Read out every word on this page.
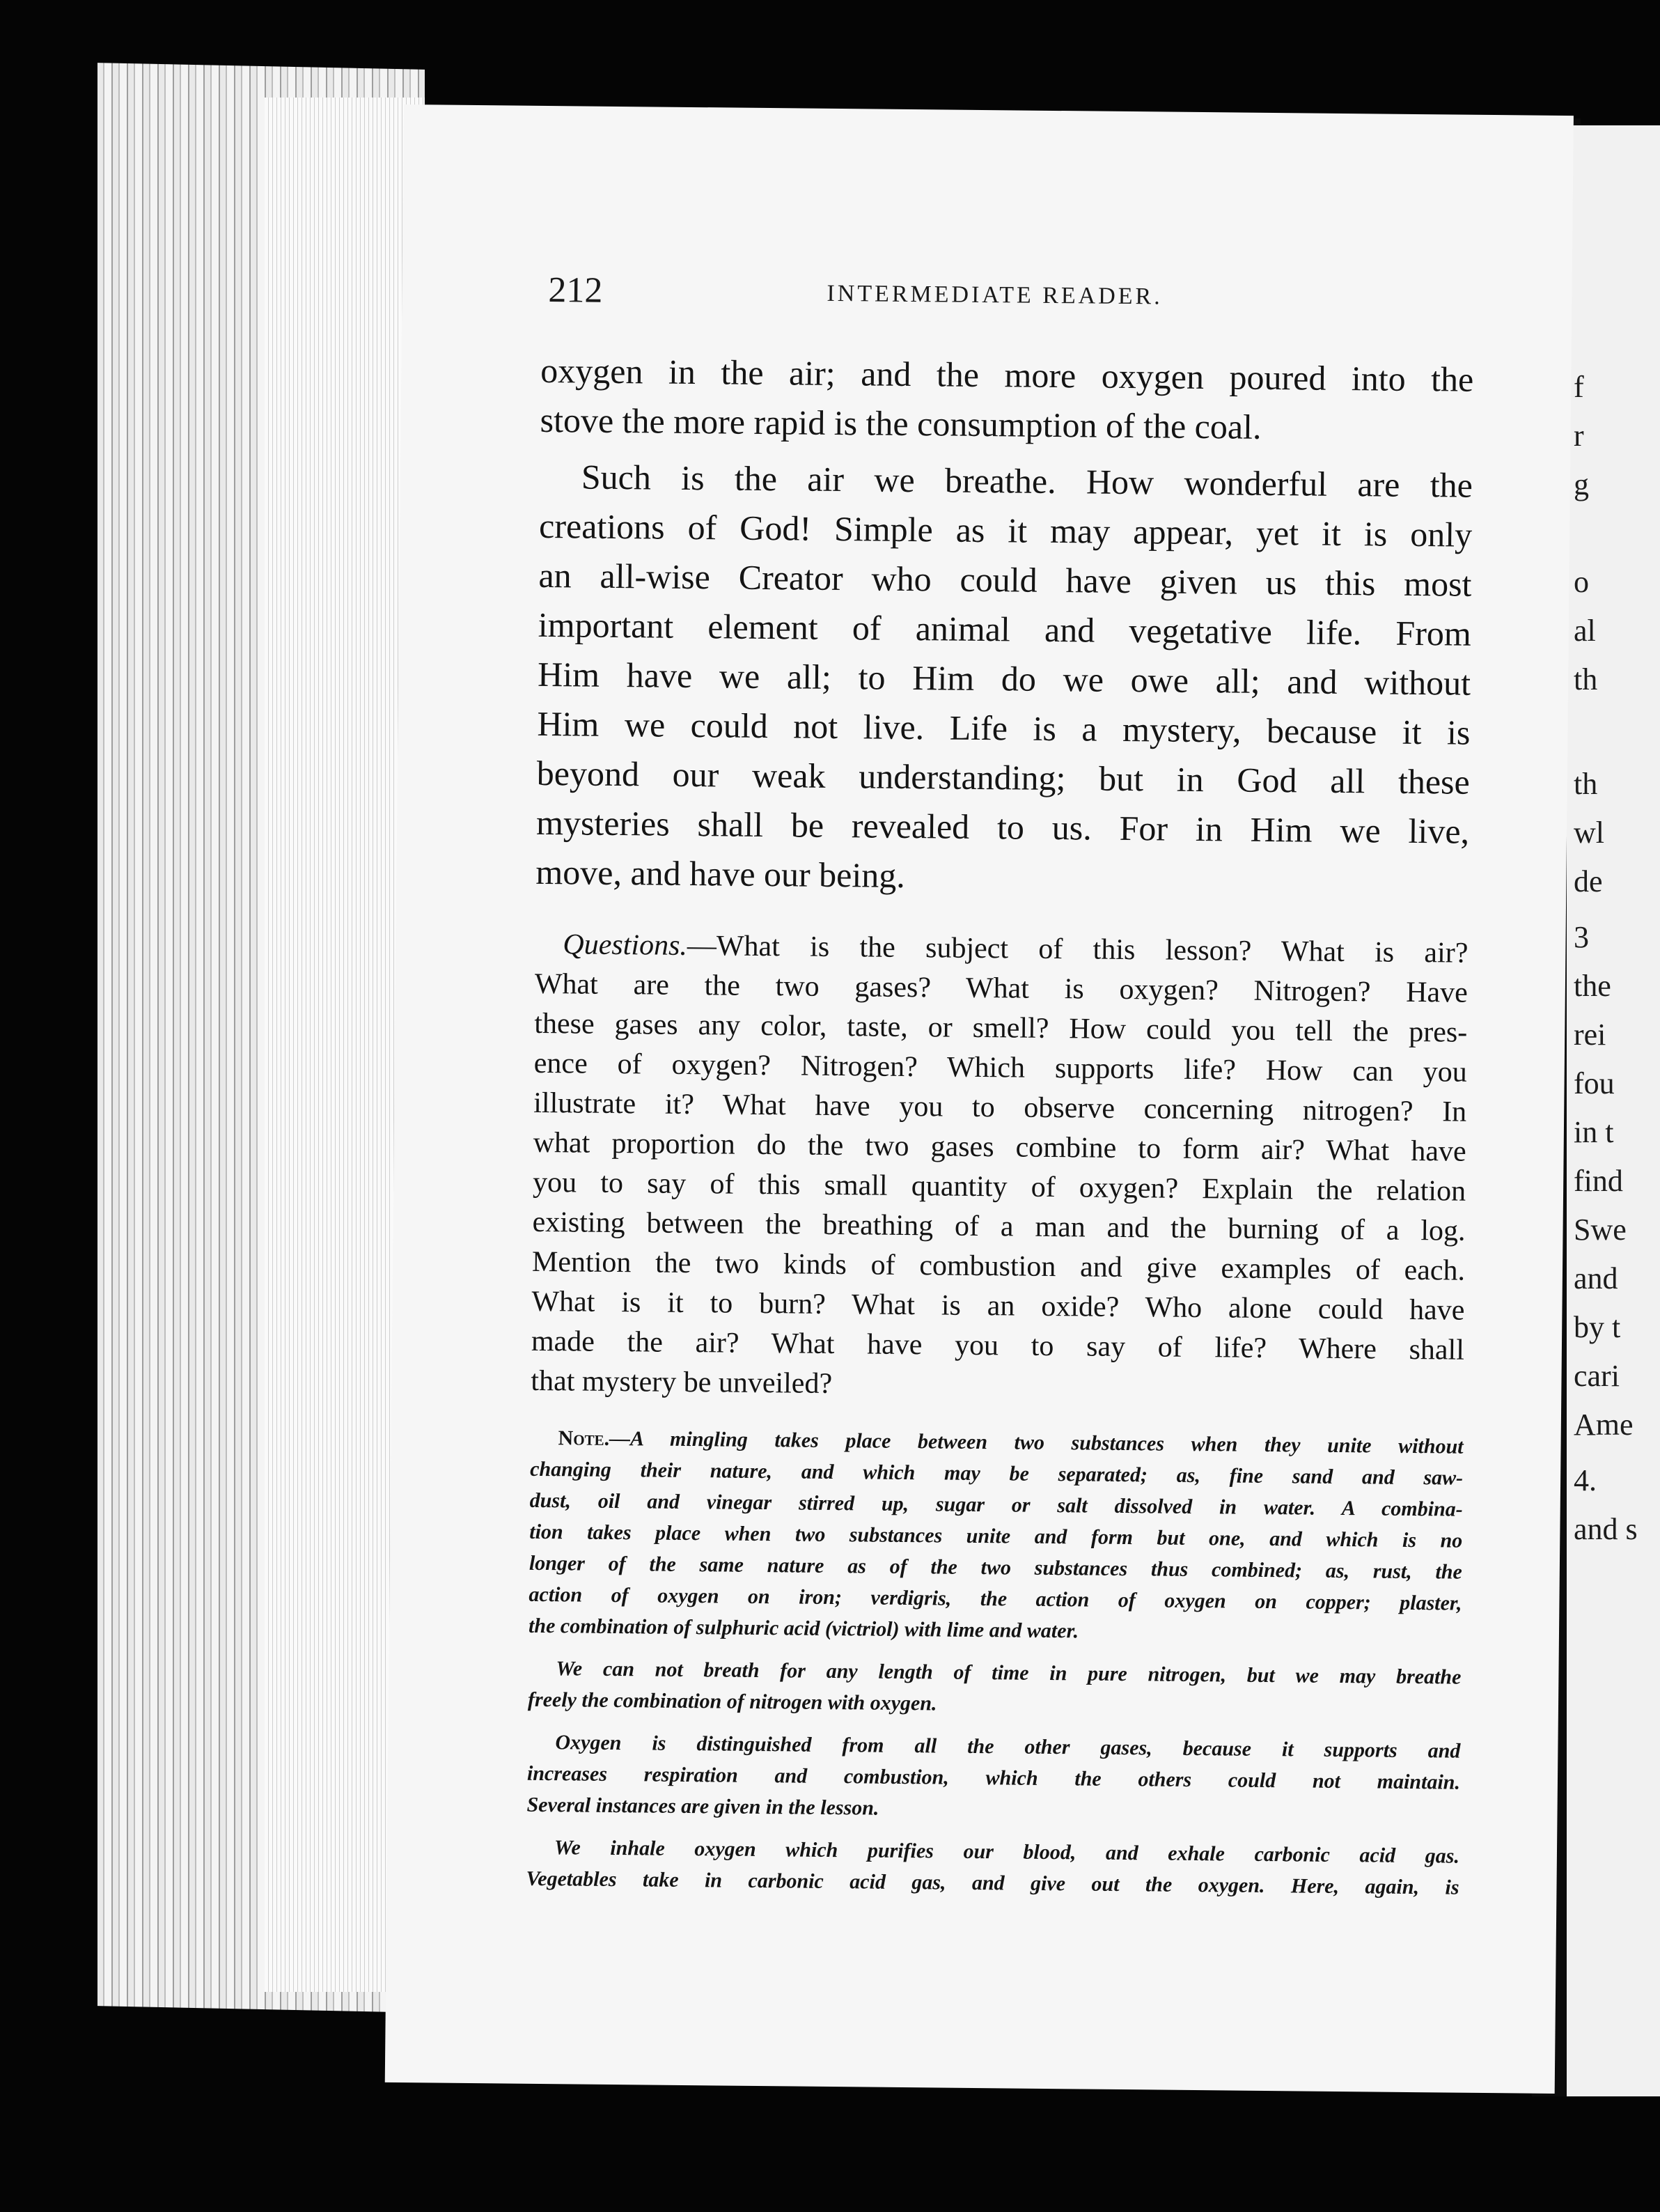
f
r
g
o
al
th
th
wl
de
3
the
rei
fou
in t
find
Swe
and
by t
cari
Ame
4.
and s
212	INTERMEDIATE READER.
oxygen in the air; and the more oxygen poured into the
stove the more rapid is the consumption of the coal.
Such is the air we breathe. How wonderful are the
creations of God! Simple as it may appear, yet it is only
an all-wise Creator who could have given us this most
important element of animal and vegetative life. From
Him have we all; to Him do we owe all; and without
Him we could not live. Life is a mystery, because it is
beyond our weak understanding; but in God all these
mysteries shall be revealed to us. For in Him we live,
move, and have our being.
Questions.—What is the subject of this lesson? What is air?
What are the two gases? What is oxygen? Nitrogen? Have
these gases any color, taste, or smell? How could you tell the pres-
ence of oxygen? Nitrogen? Which supports life? How can you
illustrate it? What have you to observe concerning nitrogen? In
what proportion do the two gases combine to form air? What have
you to say of this small quantity of oxygen? Explain the relation
existing between the breathing of a man and the burning of a log.
Mention the two kinds of combustion and give examples of each.
What is it to burn? What is an oxide? Who alone could have
made the air? What have you to say of life? Where shall
that mystery be unveiled?
Note.—A mingling takes place between two substances when they unite without
changing their nature, and which may be separated; as, fine sand and saw-
dust, oil and vinegar stirred up, sugar or salt dissolved in water. A combina-
tion takes place when two substances unite and form but one, and which is no
longer of the same nature as of the two substances thus combined; as, rust, the
action of oxygen on iron; verdigris, the action of oxygen on copper; plaster,
the combination of sulphuric acid (victriol) with lime and water.
We can not breath for any length of time in pure nitrogen, but we may breathe
freely the combination of nitrogen with oxygen.
Oxygen is distinguished from all the other gases, because it supports and
increases respiration and combustion, which the others could not maintain.
Several instances are given in the lesson.
We inhale oxygen which purifies our blood, and exhale carbonic acid gas.
Vegetables take in carbonic acid gas, and give out the oxygen. Here, again, is
